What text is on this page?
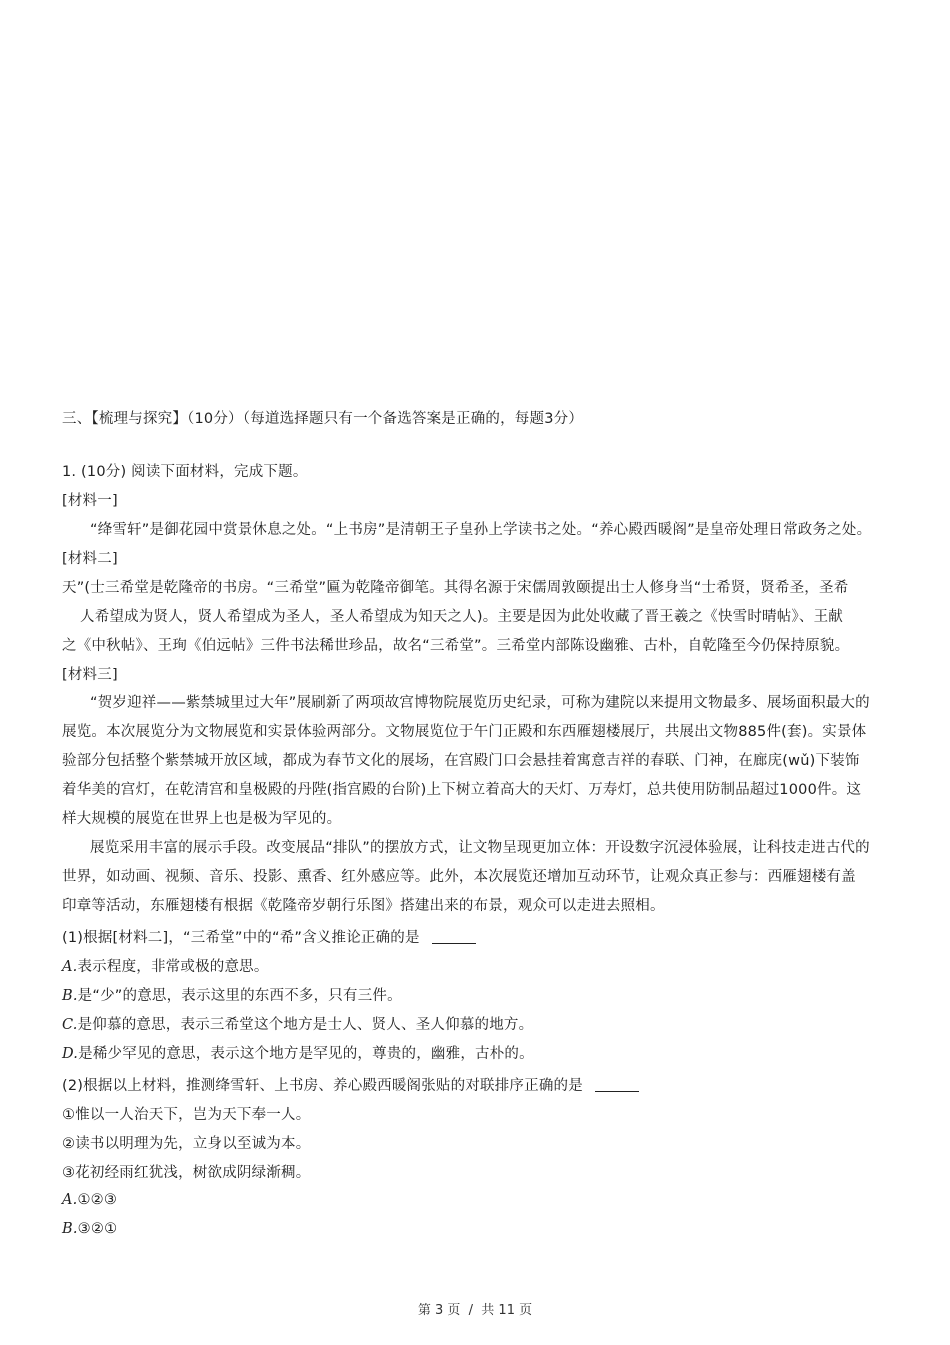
三、【梳理与探究】（10分）（每道选择题只有一个备选答案是正确的，每题3分）
1. (10分) 阅读下面材料，完成下题。
[材料一]
“绛雪轩”是御花园中赏景休息之处。“上书房”是清朝王子皇孙上学读书之处。“养心殿西暖阁”是皇帝处理日常政务之处。
[材料二]
天”(士三希堂是乾隆帝的书房。“三希堂”匾为乾隆帝御笔。其得名源于宋儒周敦颐提出士人修身当“士希贤，贤希圣，圣希
人希望成为贤人，贤人希望成为圣人，圣人希望成为知天之人)。主要是因为此处收藏了晋王羲之《快雪时晴帖》、王献
之《中秋帖》、王珣《伯远帖》三件书法稀世珍品，故名“三希堂”。三希堂内部陈设幽雅、古朴，自乾隆至今仍保持原貌。
[材料三]
“贺岁迎祥——紫禁城里过大年”展刷新了两项故宫博物院展览历史纪录，可称为建院以来提用文物最多、展场面积最大的
展览。本次展览分为文物展览和实景体验两部分。文物展览位于午门正殿和东西雁翅楼展厅，共展出文物885件(套)。实景体
验部分包括整个紫禁城开放区域，都成为春节文化的展场，在宫殿门口会悬挂着寓意吉祥的春联、门神，在廊庑(wǔ)下装饰
着华美的宫灯，在乾清宫和皇极殿的丹陛(指宫殿的台阶)上下树立着高大的天灯、万寿灯，总共使用防制品超过1000件。这
样大规模的展览在世界上也是极为罕见的。
展览采用丰富的展示手段。改变展品“排队”的摆放方式，让文物呈现更加立体：开设数字沉浸体验展，让科技走进古代的
世界，如动画、视频、音乐、投影、熏香、红外感应等。此外，本次展览还增加互动环节，让观众真正参与：西雁翅楼有盖
印章等活动，东雁翅楼有根据《乾隆帝岁朝行乐图》搭建出来的布景，观众可以走进去照相。
(1)根据[材料二]，“三希堂”中的“希”含义推论正确的是
A.表示程度，非常或极的意思。
B.是“少”的意思，表示这里的东西不多，只有三件。
C.是仰慕的意思，表示三希堂这个地方是士人、贤人、圣人仰慕的地方。
D.是稀少罕见的意思，表示这个地方是罕见的，尊贵的，幽雅，古朴的。
(2)根据以上材料，推测绛雪轩、上书房、养心殿西暖阁张贴的对联排序正确的是
①惟以一人治天下，岂为天下奉一人。
②读书以明理为先，立身以至诚为本。
③花初经雨红犹浅，树欲成阴绿渐稠。
A.①②③
B.③②①
第 3 页  /  共 11 页
